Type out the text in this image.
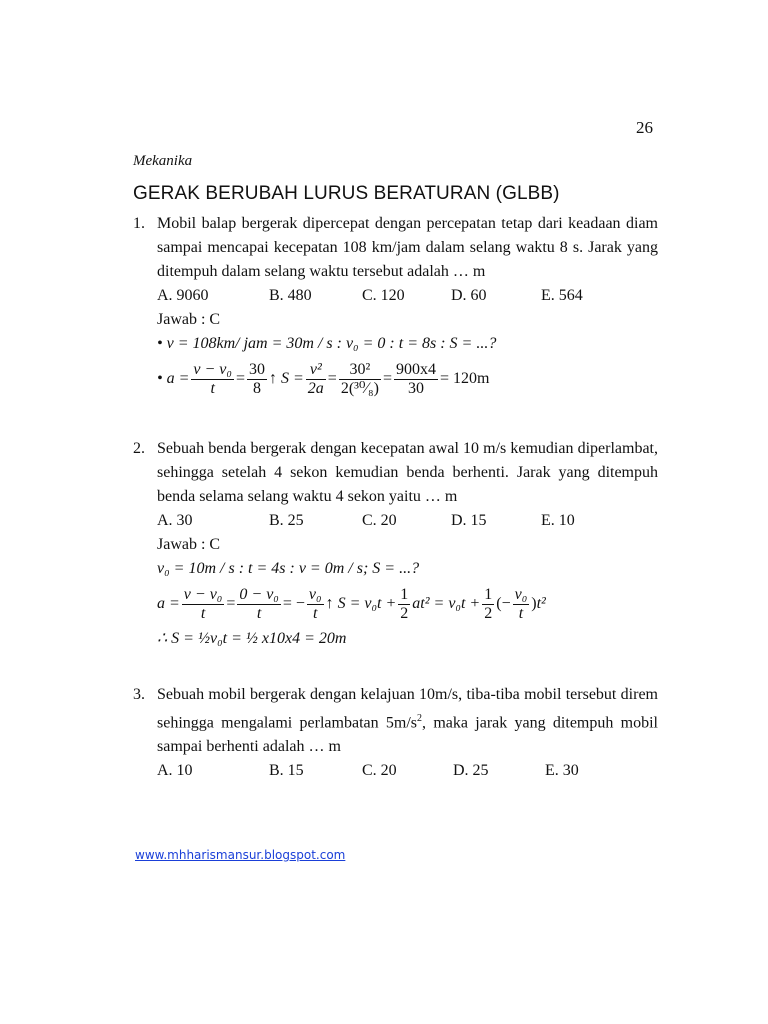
26
Mekanika
GERAK BERUBAH LURUS BERATURAN (GLBB)
1. Mobil balap bergerak dipercepat dengan percepatan tetap dari keadaan diam sampai mencapai kecepatan 108 km/jam dalam selang waktu 8 s. Jarak yang ditempuh dalam selang waktu tersebut adalah … m
A. 9060	B. 480	C. 120	D. 60	E. 564
Jawab : C
• v = 108km/ jam = 30m / s : v₀ = 0 : t = 8s : S = ...?
• $a = \frac{\text{v − v₀}}{t} = \frac{30}{8}$ ↑ $S = \frac{\text{v²}}{2a} = \frac{\text{30²}}{\text{2(³⁰⁄₈)}} = \frac{900x4}{30} = 120m$
2. Sebuah benda bergerak dengan kecepatan awal 10 m/s kemudian diperlambat, sehingga setelah 4 sekon kemudian benda berhenti. Jarak yang ditempuh benda selama selang waktu 4 sekon yaitu … m
A. 30	B. 25	C. 20	D. 15	E. 10
Jawab : C
v₀ = 10m / s : t = 4s : v = 0m / s; S = ...?
$a = \frac{\text{v − v₀}}{t} = \frac{\text{0 − v₀}}{t}$ = − $\frac{\text{v₀}}{t}$ ↑ $S = v_0t + \frac{1}{2} at^2 = v_0t + \frac{1}{2}$ (− $\frac{\text{v₀}}{t}$ ) t²
∴ S = ½v₀t = ½ x10x4 = 20m
3. Sebuah mobil bergerak dengan kelajuan 10m/s, tiba-tiba mobil tersebut direm sehingga mengalami perlambatan $5m/s^2$, maka jarak yang ditempuh mobil sampai berhenti adalah … m
A. 10	B. 15	C. 20	D. 25	E. 30
www.mhharismansur.blogspot.com
